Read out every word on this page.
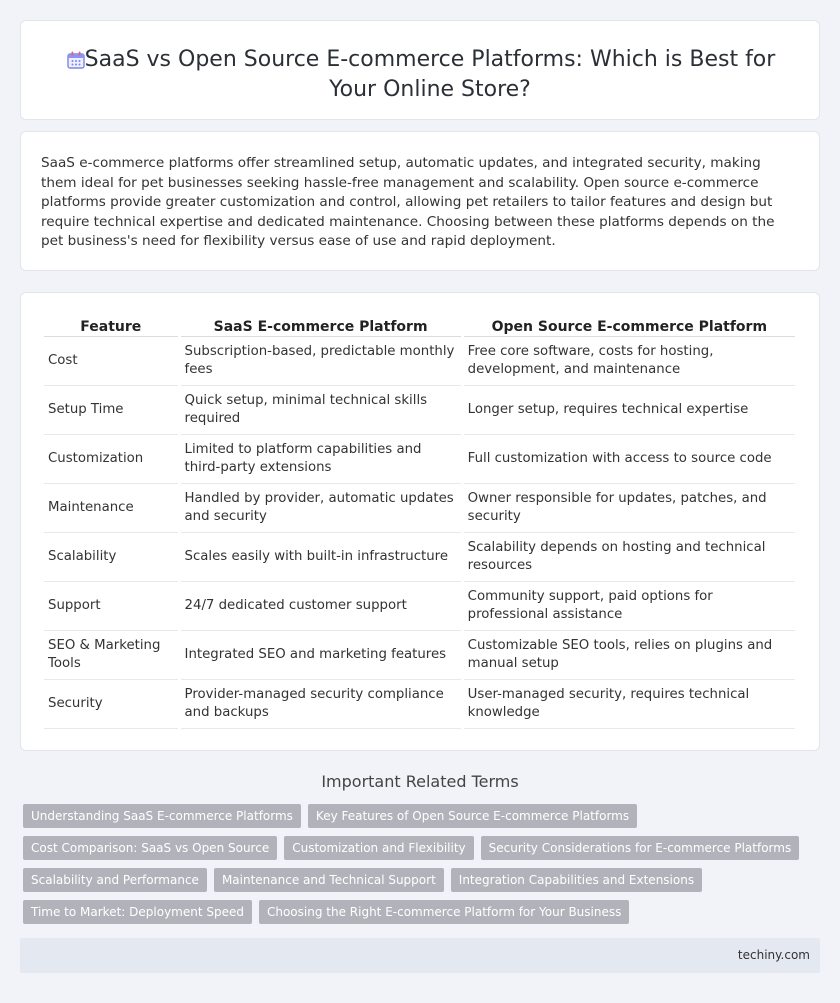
SaaS vs Open Source E-commerce Platforms: Which is Best for Your Online Store?

SaaS e-commerce platforms offer streamlined setup, automatic updates, and integrated security, making them ideal for pet businesses seeking hassle-free management and scalability. Open source e-commerce platforms provide greater customization and control, allowing pet retailers to tailor features and design but require technical expertise and dedicated maintenance. Choosing between these platforms depends on the pet business's need for flexibility versus ease of use and rapid deployment.

Feature	SaaS E-commerce Platform	Open Source E-commerce Platform
Cost	Subscription-based, predictable monthly fees	Free core software, costs for hosting, development, and maintenance
Setup Time	Quick setup, minimal technical skills required	Longer setup, requires technical expertise
Customization	Limited to platform capabilities and third-party extensions	Full customization with access to source code
Maintenance	Handled by provider, automatic updates and security	Owner responsible for updates, patches, and security
Scalability	Scales easily with built-in infrastructure	Scalability depends on hosting and technical resources
Support	24/7 dedicated customer support	Community support, paid options for professional assistance
SEO & Marketing Tools	Integrated SEO and marketing features	Customizable SEO tools, relies on plugins and manual setup
Security	Provider-managed security compliance and backups	User-managed security, requires technical knowledge
Important Related Terms
Understanding SaaS E-commerce Platforms	Key Features of Open Source E-commerce Platforms
Cost Comparison: SaaS vs Open Source	Customization and Flexibility	Security Considerations for E-commerce Platforms
Scalability and Performance	Maintenance and Technical Support	Integration Capabilities and Extensions
Time to Market: Deployment Speed	Choosing the Right E-commerce Platform for Your Business
techiny.com
